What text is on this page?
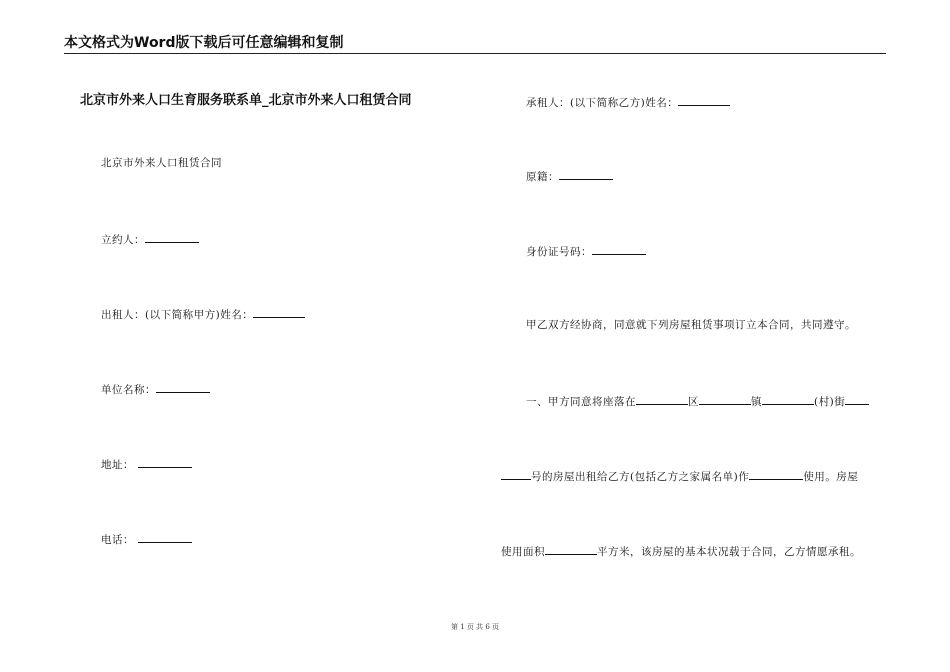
本文格式为Word版下载后可任意编辑和复制
北京市外来人口生育服务联系单_北京市外来人口租赁合同
北京市外来人口租赁合同
立约人：
出租人：(以下简称甲方)姓名：
单位名称：
地址：
电话：
承租人：(以下简称乙方)姓名：
原籍：
身份证号码：
甲乙双方经协商，同意就下列房屋租赁事项订立本合同，共同遵守。
一、甲方同意将座落在	区	镇	(村)街
号的房屋出租给乙方(包括乙方之家属名单)作	使用。房屋
使用面积	平方米，该房屋的基本状况载于合同，乙方情愿承租。
第 1 页 共 6 页
